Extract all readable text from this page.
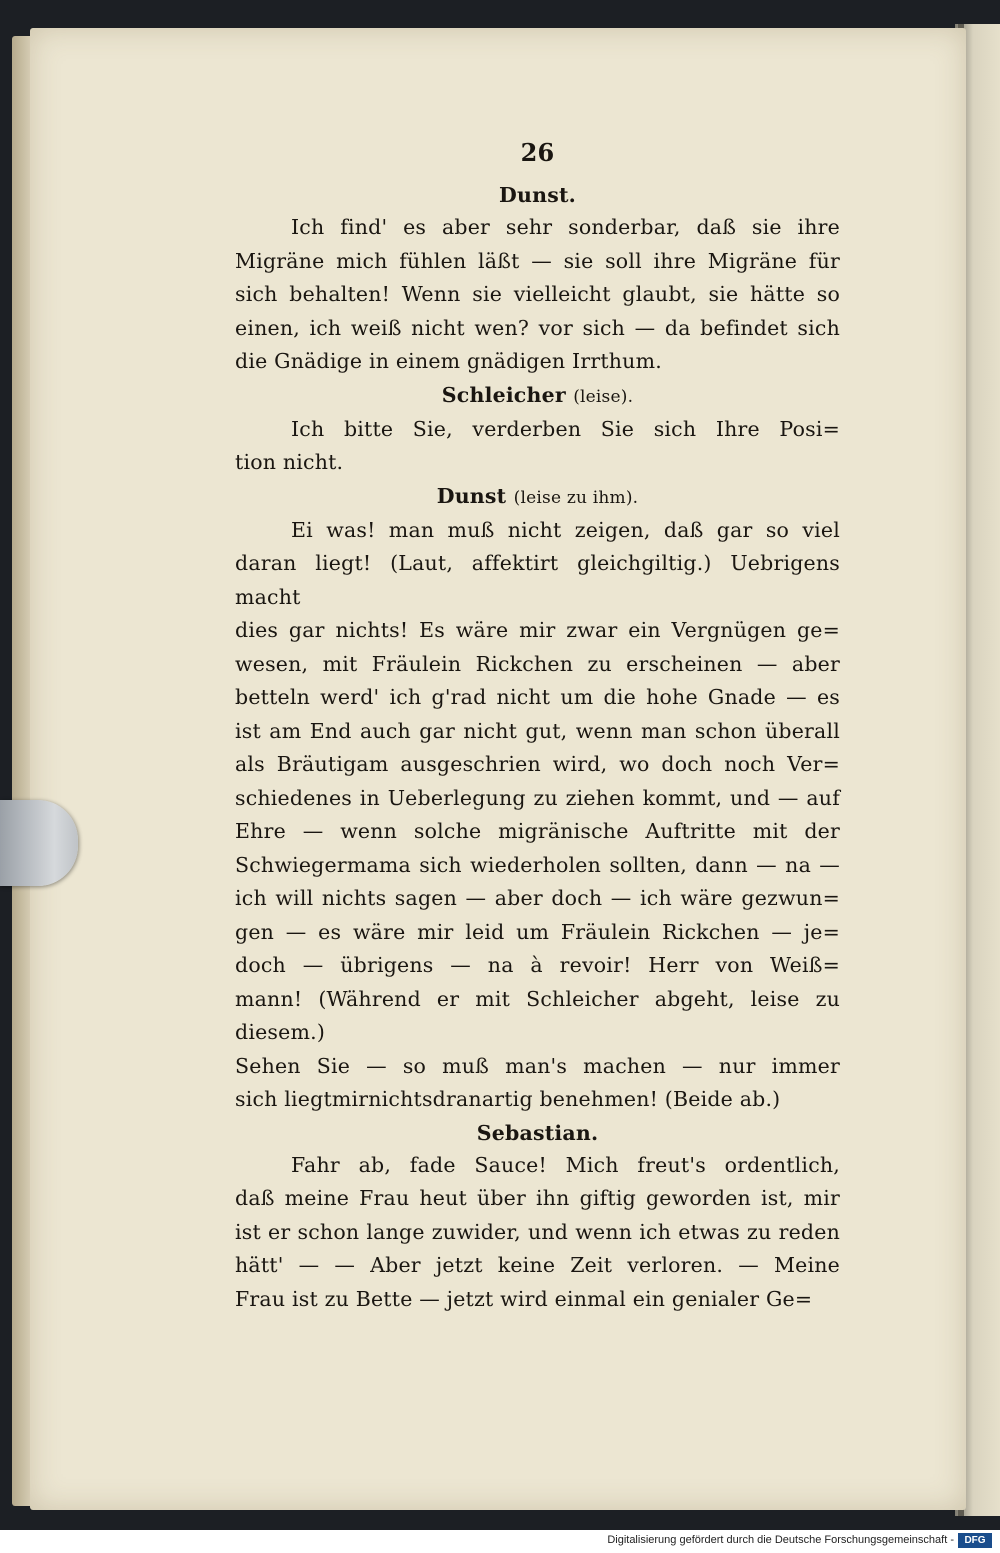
26
Dunst.
Ich find' es aber sehr sonderbar, daß sie ihre
Migräne mich fühlen läßt — sie soll ihre Migräne für
sich behalten! Wenn sie vielleicht glaubt, sie hätte so
einen, ich weiß nicht wen? vor sich — da befindet sich
die Gnädige in einem gnädigen Irrthum.
Schleicher (leise).
Ich bitte Sie, verderben Sie sich Ihre Posi=
tion nicht.
Dunst (leise zu ihm).
Ei was! man muß nicht zeigen, daß gar so viel
daran liegt! (Laut, affektirt gleichgiltig.) Uebrigens macht
dies gar nichts! Es wäre mir zwar ein Vergnügen ge=
wesen, mit Fräulein Rickchen zu erscheinen — aber
betteln werd' ich g'rad nicht um die hohe Gnade — es
ist am End auch gar nicht gut, wenn man schon überall
als Bräutigam ausgeschrien wird, wo doch noch Ver=
schiedenes in Ueberlegung zu ziehen kommt, und — auf
Ehre — wenn solche migränische Auftritte mit der
Schwiegermama sich wiederholen sollten, dann — na —
ich will nichts sagen — aber doch — ich wäre gezwun=
gen — es wäre mir leid um Fräulein Rickchen — je=
doch — übrigens — na à revoir! Herr von Weiß=
mann! (Während er mit Schleicher abgeht, leise zu diesem.)
Sehen Sie — so muß man's machen — nur immer
sich liegtmirnichtsdranartig benehmen! (Beide ab.)
Sebastian.
Fahr ab, fade Sauce! Mich freut's ordentlich,
daß meine Frau heut über ihn giftig geworden ist, mir
ist er schon lange zuwider, und wenn ich etwas zu reden
hätt' — — Aber jetzt keine Zeit verloren. — Meine
Frau ist zu Bette — jetzt wird einmal ein genialer Ge=
Digitalisierung gefördert durch die Deutsche Forschungsgemeinschaft -	DFG
